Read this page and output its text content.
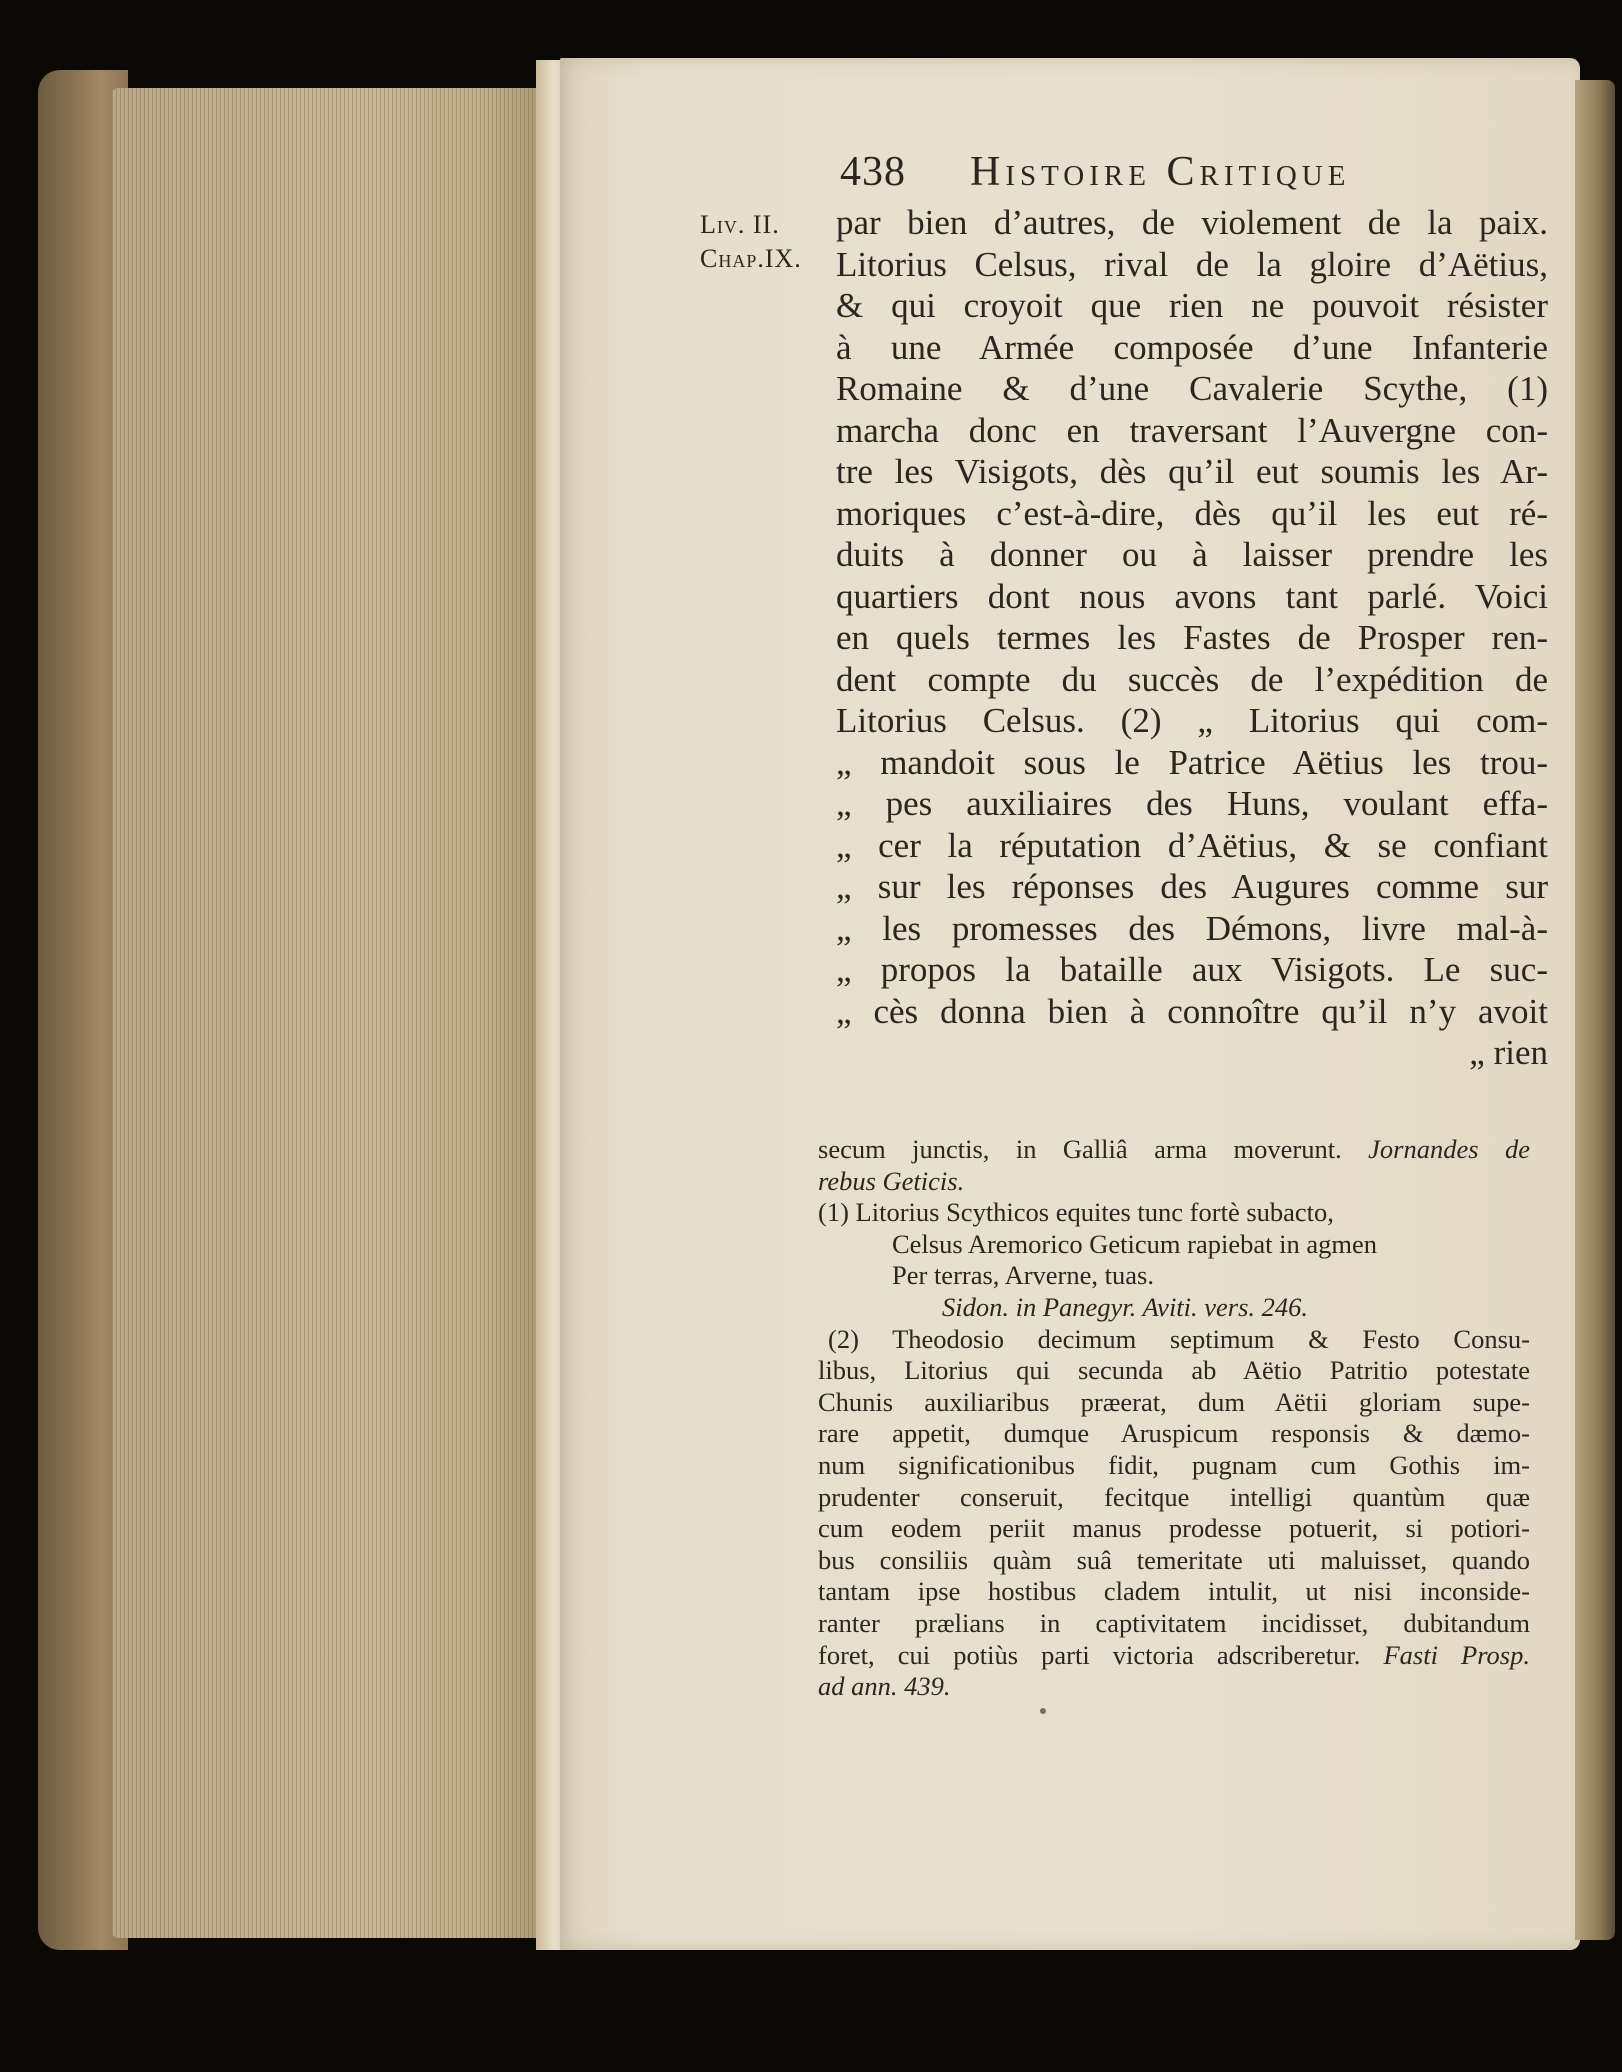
438 Histoire Critique
Liv. II.
Chap.IX.
par bien d’autres, de violement de la paix.
Litorius Celsus, rival de la gloire d’Aëtius,
& qui croyoit que rien ne pouvoit résister
à une Armée composée d’une Infanterie
Romaine & d’une Cavalerie Scythe, (1)
marcha donc en traversant l’Auvergne con-
tre les Visigots, dès qu’il eut soumis les Ar-
moriques c’est-à-dire, dès qu’il les eut ré-
duits à donner ou à laisser prendre les
quartiers dont nous avons tant parlé. Voici
en quels termes les Fastes de Prosper ren-
dent compte du succès de l’expédition de
Litorius Celsus. (2) „ Litorius qui com-
„ mandoit sous le Patrice Aëtius les trou-
„ pes auxiliaires des Huns, voulant effa-
„ cer la réputation d’Aëtius, & se confiant
„ sur les réponses des Augures comme sur
„ les promesses des Démons, livre mal-à-
„ propos la bataille aux Visigots. Le suc-
„ cès donna bien à connoître qu’il n’y avoit
„ rien
secum junctis, in Galliâ arma moverunt. Jornandes de
rebus Geticis.
(1) Litorius Scythicos equites tunc fortè subacto,
Celsus Aremorico Geticum rapiebat in agmen
Per terras, Arverne, tuas.
Sidon. in Panegyr. Aviti. vers. 246.
(2) Theodosio decimum septimum & Festo Consu-
libus, Litorius qui secunda ab Aëtio Patritio potestate
Chunis auxiliaribus præerat, dum Aëtii gloriam supe-
rare appetit, dumque Aruspicum responsis & dæmo-
num significationibus fidit, pugnam cum Gothis im-
prudenter conseruit, fecitque intelligi quantùm quæ
cum eodem periit manus prodesse potuerit, si potiori-
bus consiliis quàm suâ temeritate uti maluisset, quando
tantam ipse hostibus cladem intulit, ut nisi inconside-
ranter prælians in captivitatem incidisset, dubitandum
foret, cui potiùs parti victoria adscriberetur. Fasti Prosp.
ad ann. 439.
